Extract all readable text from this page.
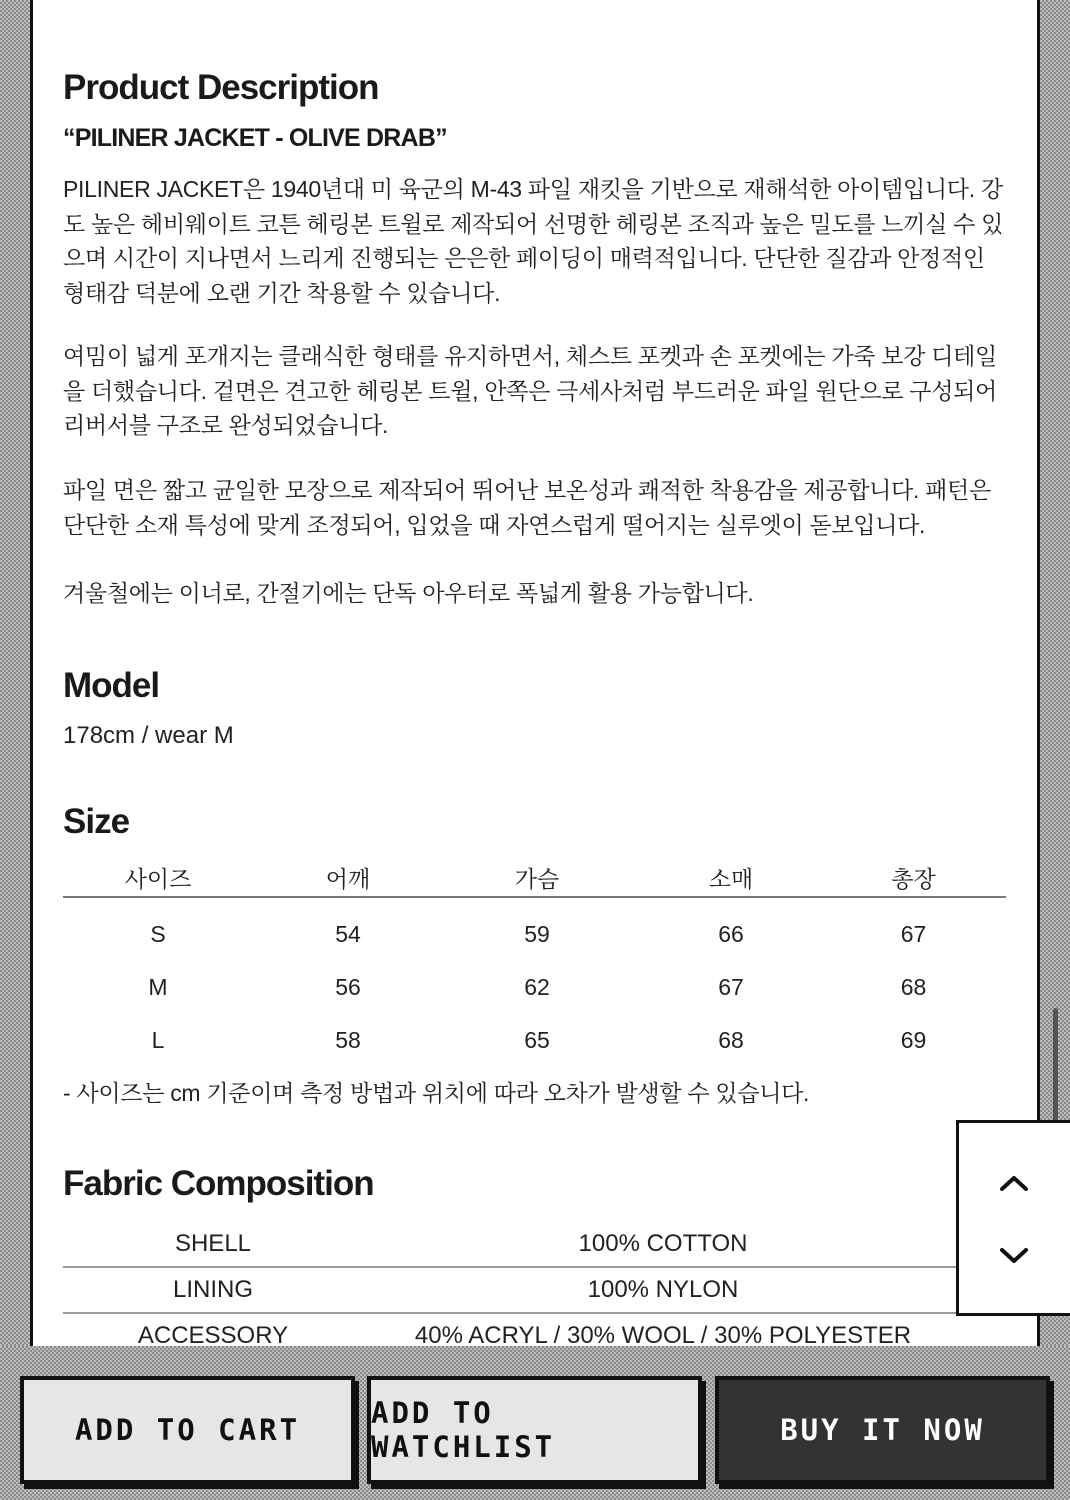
Product Description
“PILINER JACKET - OLIVE DRAB”
PILINER JACKET은 1940년대 미 육군의 M-43 파일 재킷을 기반으로 재해석한 아이템입니다. 강도 높은 헤비웨이트 코튼 헤링본 트윌로 제작되어 선명한 헤링본 조직과 높은 밀도를 느끼실 수 있으며 시간이 지나면서 느리게 진행되는 은은한 페이딩이 매력적입니다. 단단한 질감과 안정적인 형태감 덕분에 오랜 기간 착용할 수 있습니다.
여밈이 넓게 포개지는 클래식한 형태를 유지하면서, 체스트 포켓과 손 포켓에는 가죽 보강 디테일을 더했습니다. 겉면은 견고한 헤링본 트윌, 안쪽은 극세사처럼 부드러운 파일 원단으로 구성되어 리버서블 구조로 완성되었습니다.
파일 면은 짧고 균일한 모장으로 제작되어 뛰어난 보온성과 쾌적한 착용감을 제공합니다. 패턴은 단단한 소재 특성에 맞게 조정되어, 입었을 때 자연스럽게 떨어지는 실루엣이 돋보입니다.
겨울철에는 이너로, 간절기에는 단독 아우터로 폭넓게 활용 가능합니다.
Model
178cm / wear M
Size
사이즈	어깨	가슴	소매	총장
S	54	59	66	67
M	56	62	67	68
L	58	65	68	69
- 사이즈는 cm 기준이며 측정 방법과 위치에 따라 오차가 발생할 수 있습니다.
Fabric Composition
SHELL	100% COTTON
LINING	100% NYLON
ACCESSORY	40% ACRYL / 30% WOOL / 30% POLYESTER
ADD TO CART	ADD TO WATCHLIST	BUY IT NOW
